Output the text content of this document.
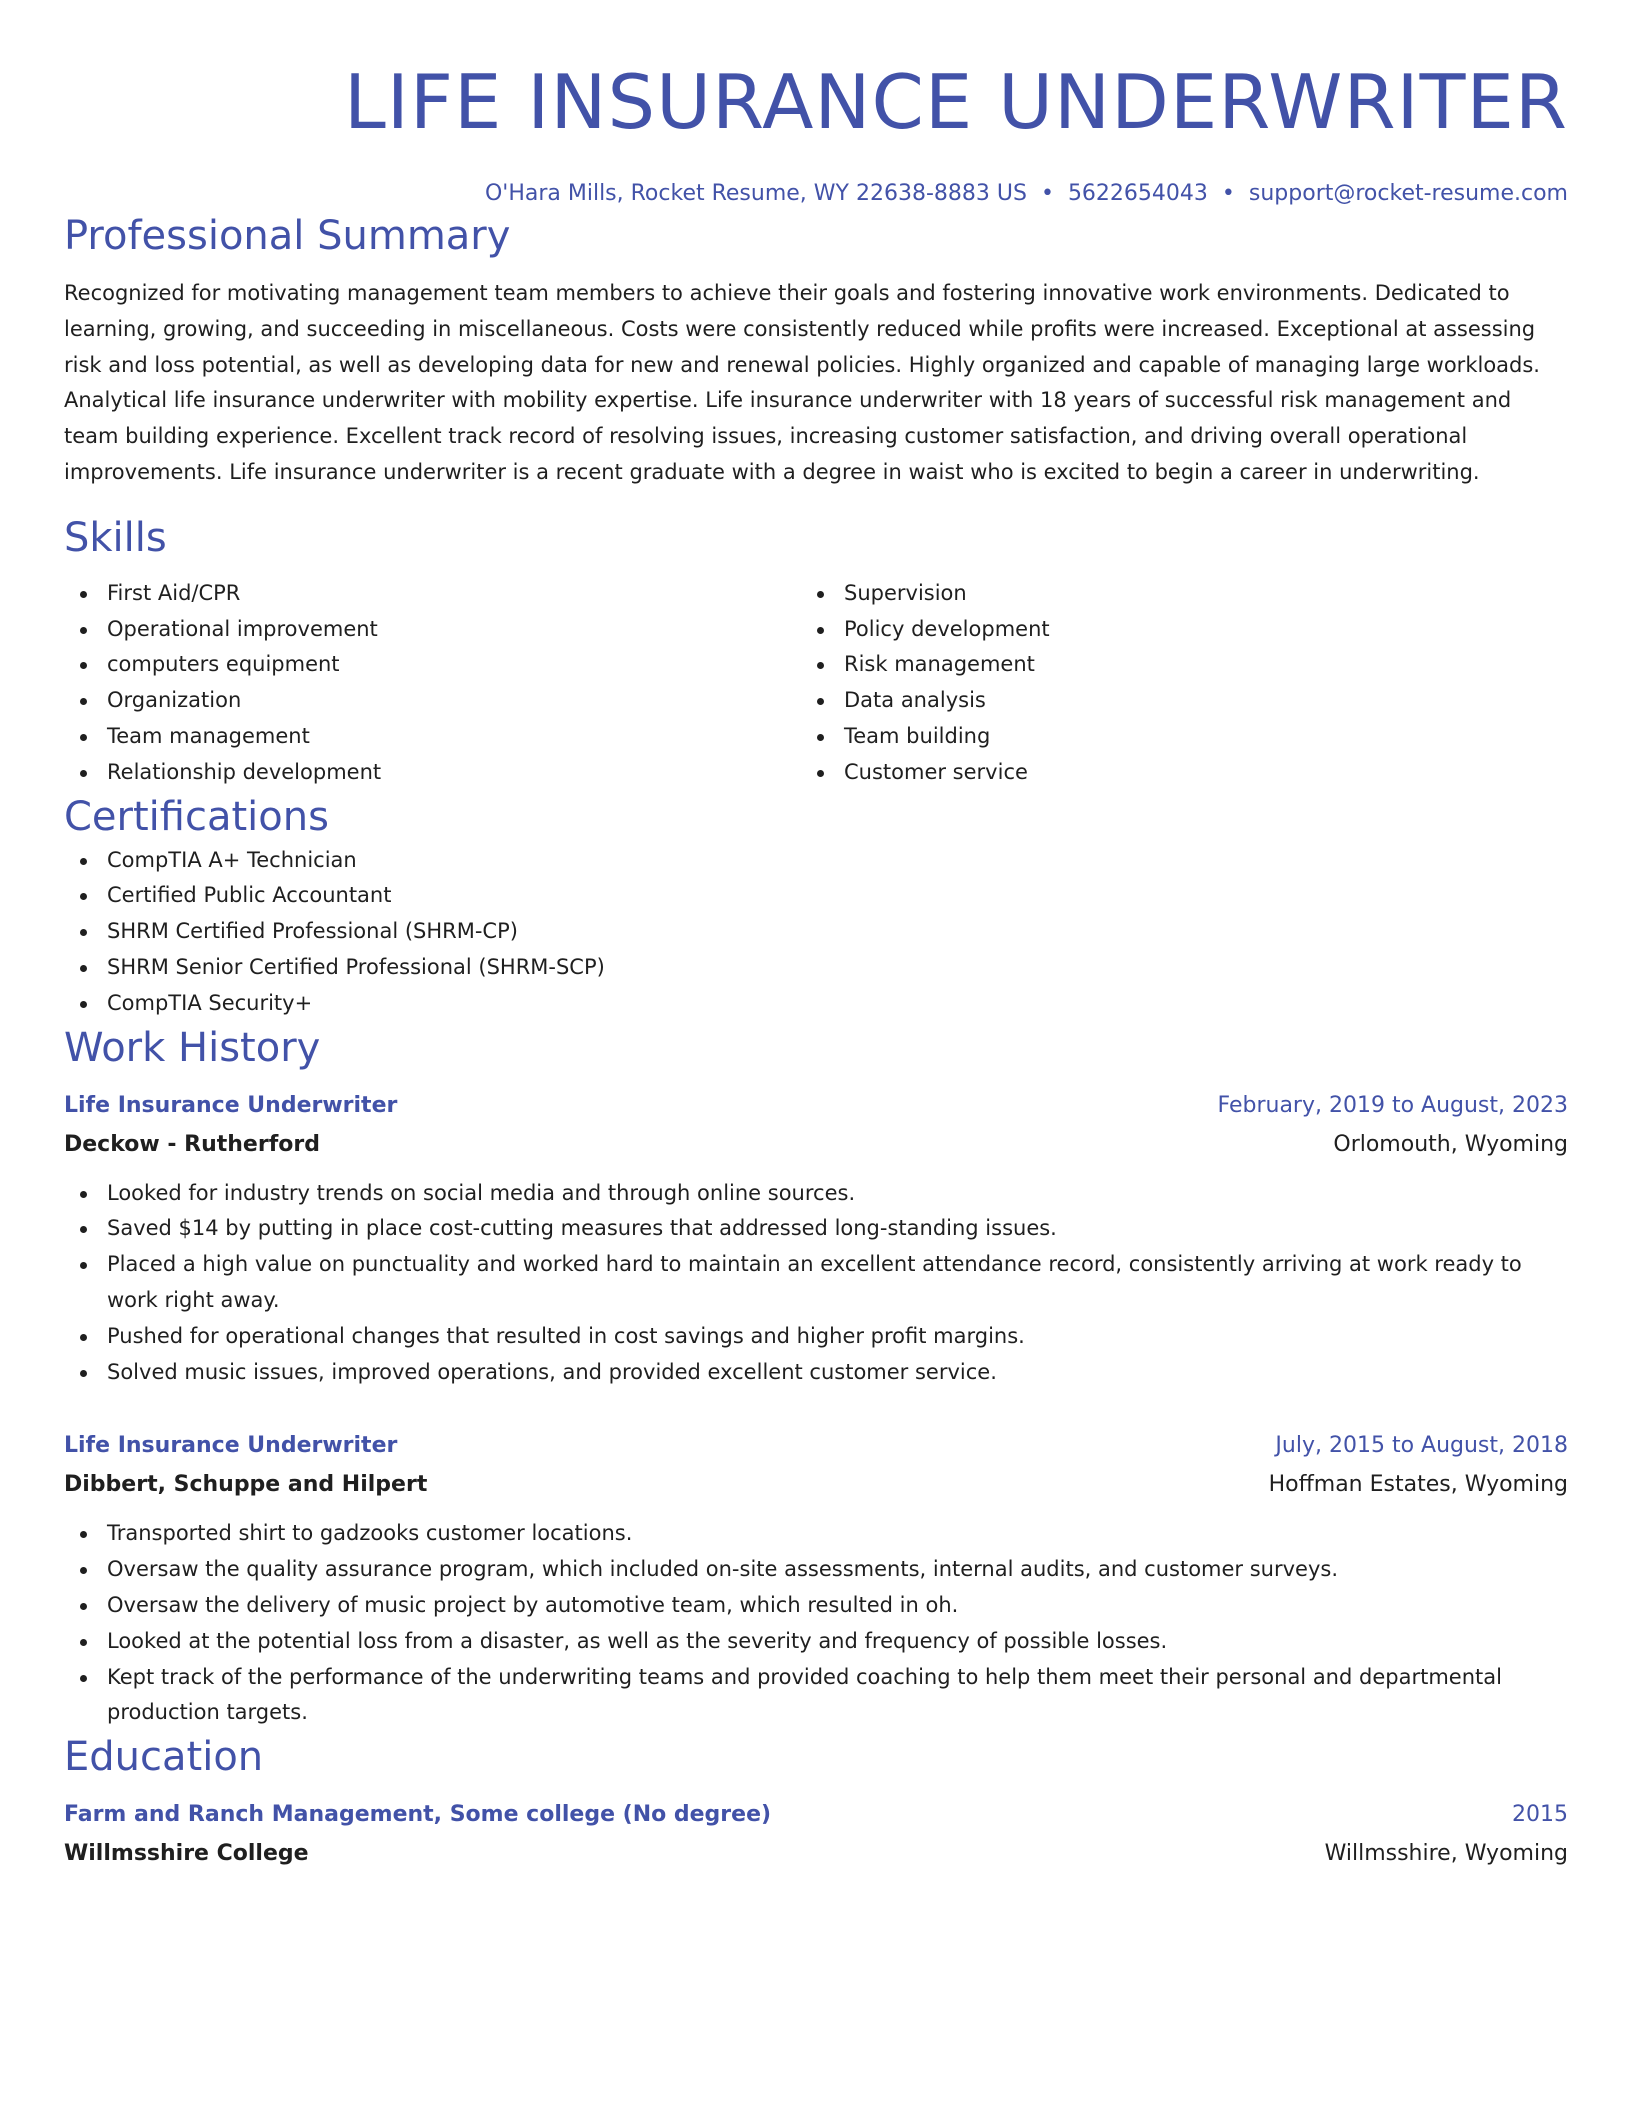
LIFE INSURANCE UNDERWRITER
O'Hara Mills, Rocket Resume, WY 22638-8883 US • 5622654043 • support@rocket-resume.com
Professional Summary

Recognized for motivating management team members to achieve their goals and fostering innovative work environments. Dedicated to learning, growing, and succeeding in miscellaneous. Costs were consistently reduced while profits were increased. Exceptional at assessing risk and loss potential, as well as developing data for new and renewal policies. Highly organized and capable of managing large workloads. Analytical life insurance underwriter with mobility expertise. Life insurance underwriter with 18 years of successful risk management and team building experience. Excellent track record of resolving issues, increasing customer satisfaction, and driving overall operational improvements. Life insurance underwriter is a recent graduate with a degree in waist who is excited to begin a career in underwriting.

Skills
First Aid/CPR
Operational improvement
computers equipment
Organization
Team management
Relationship development
Supervision
Policy development
Risk management
Data analysis
Team building
Customer service
Certifications
CompTIA A+ Technician
Certified Public Accountant
SHRM Certified Professional (SHRM-CP)
SHRM Senior Certified Professional (SHRM-SCP)
CompTIA Security+
Work History
Life Insurance Underwriter	February, 2019 to August, 2023
Deckow - Rutherford	Orlomouth, Wyoming
Looked for industry trends on social media and through online sources.
Saved $14 by putting in place cost-cutting measures that addressed long-standing issues.
Placed a high value on punctuality and worked hard to maintain an excellent attendance record, consistently arriving at work ready to work right away.
Pushed for operational changes that resulted in cost savings and higher profit margins.
Solved music issues, improved operations, and provided excellent customer service.
Life Insurance Underwriter	July, 2015 to August, 2018
Dibbert, Schuppe and Hilpert	Hoffman Estates, Wyoming
Transported shirt to gadzooks customer locations.
Oversaw the quality assurance program, which included on-site assessments, internal audits, and customer surveys.
Oversaw the delivery of music project by automotive team, which resulted in oh.
Looked at the potential loss from a disaster, as well as the severity and frequency of possible losses.
Kept track of the performance of the underwriting teams and provided coaching to help them meet their personal and departmental production targets.
Education
Farm and Ranch Management, Some college (No degree)	2015
Willmsshire College	Willmsshire, Wyoming
